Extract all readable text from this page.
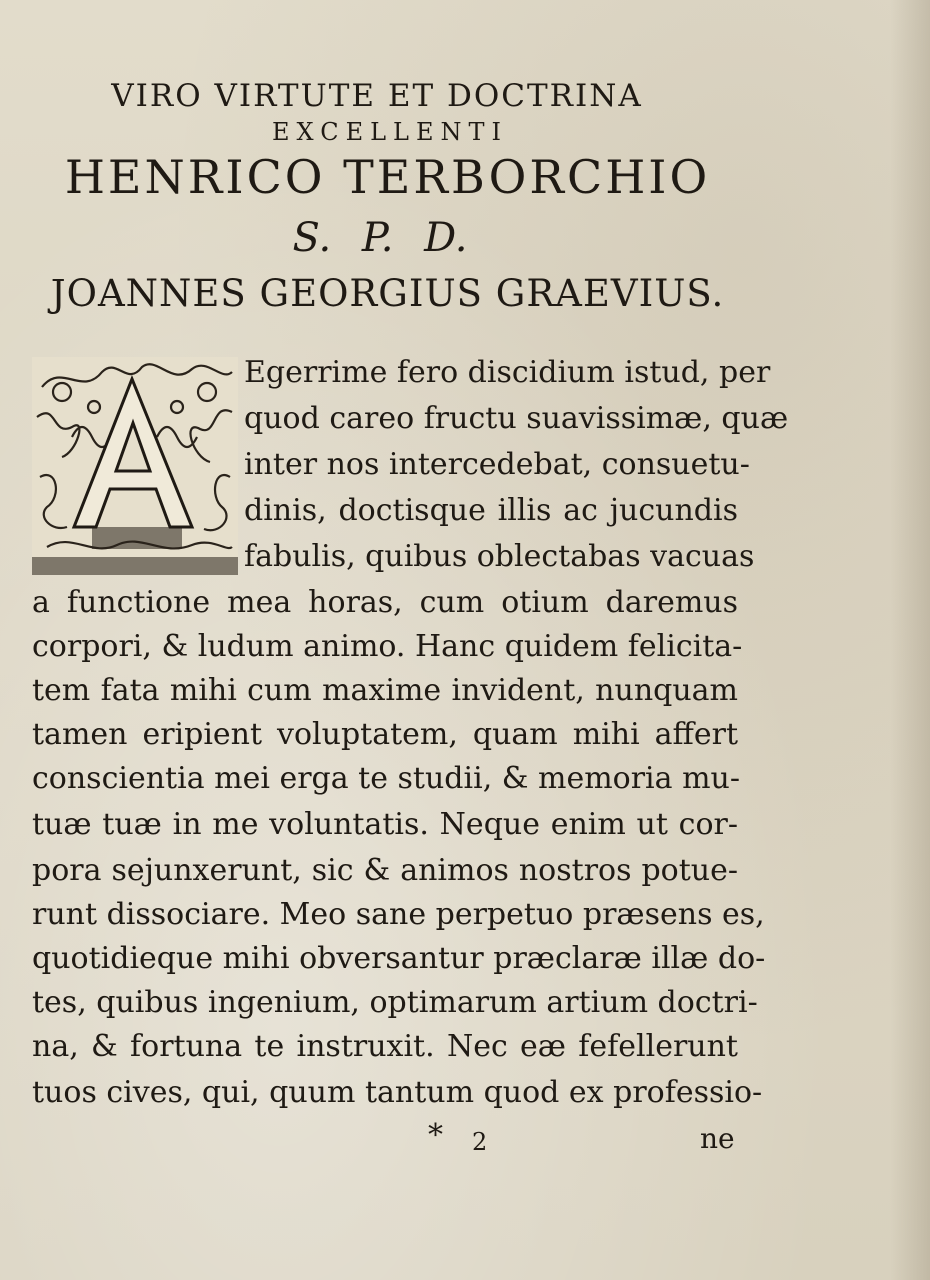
VIRO VIRTUTE ET DOCTRINA
EXCELLENTI
HENRICO TERBORCHIO
S. P. D.
JOANNES GEORGIUS GRAEVIUS.
Egerrime fero discidium istud, per
quod careo fructu suavissimæ, quæ
inter nos intercedebat, consuetu-
dinis, doctisque illis ac jucundis
fabulis, quibus oblectabas vacuas
a functione mea horas, cum otium daremus
corpori, & ludum animo. Hanc quidem felicita-
tem fata mihi cum maxime invident, nunquam
tamen eripient voluptatem, quam mihi affert
conscientia mei erga te studii, & memoria mu-
tuæ tuæ in me voluntatis. Neque enim ut cor-
pora sejunxerunt, sic & animos nostros potue-
runt dissociare. Meo sane perpetuo præsens es,
quotidieque mihi obversantur præclaræ illæ do-
tes, quibus ingenium, optimarum artium doctri-
na, & fortuna te instruxit. Nec eæ fefellerunt
tuos cives, qui, quum tantum quod ex professio-
* 2	ne
